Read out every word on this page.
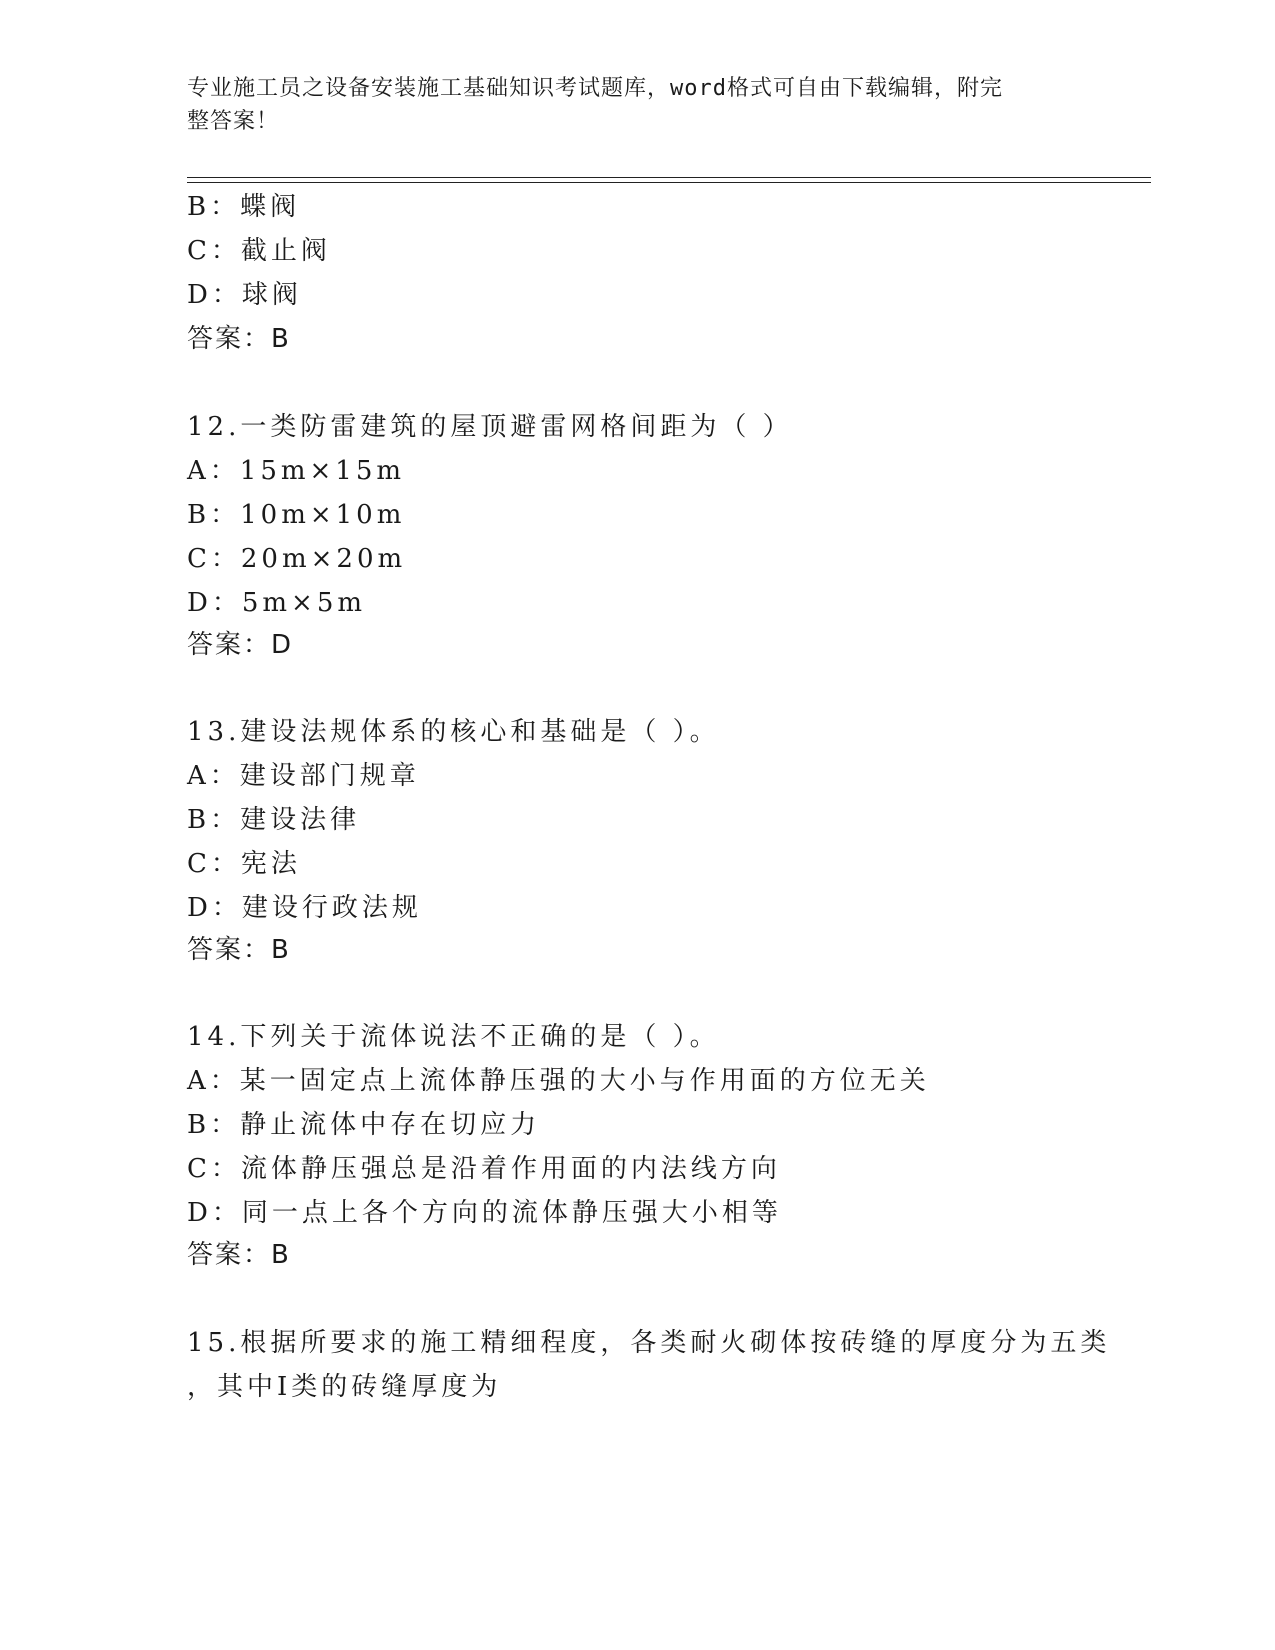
专业施工员之设备安装施工基础知识考试题库，word格式可自由下载编辑，附完
整答案！
B：蝶阀
C：截止阀
D：球阀
答案：B
12.一类防雷建筑的屋顶避雷网格间距为（ ）
A：15m×15m
B：10m×10m
C：20m×20m
D：5m×5m
答案：D
13.建设法规体系的核心和基础是（ ）。
A：建设部门规章
B：建设法律
C：宪法
D：建设行政法规
答案：B
14.下列关于流体说法不正确的是（ ）。
A：某一固定点上流体静压强的大小与作用面的方位无关
B：静止流体中存在切应力
C：流体静压强总是沿着作用面的内法线方向
D：同一点上各个方向的流体静压强大小相等
答案：B
15.根据所要求的施工精细程度，各类耐火砌体按砖缝的厚度分为五类
，其中Ⅰ类的砖缝厚度为
